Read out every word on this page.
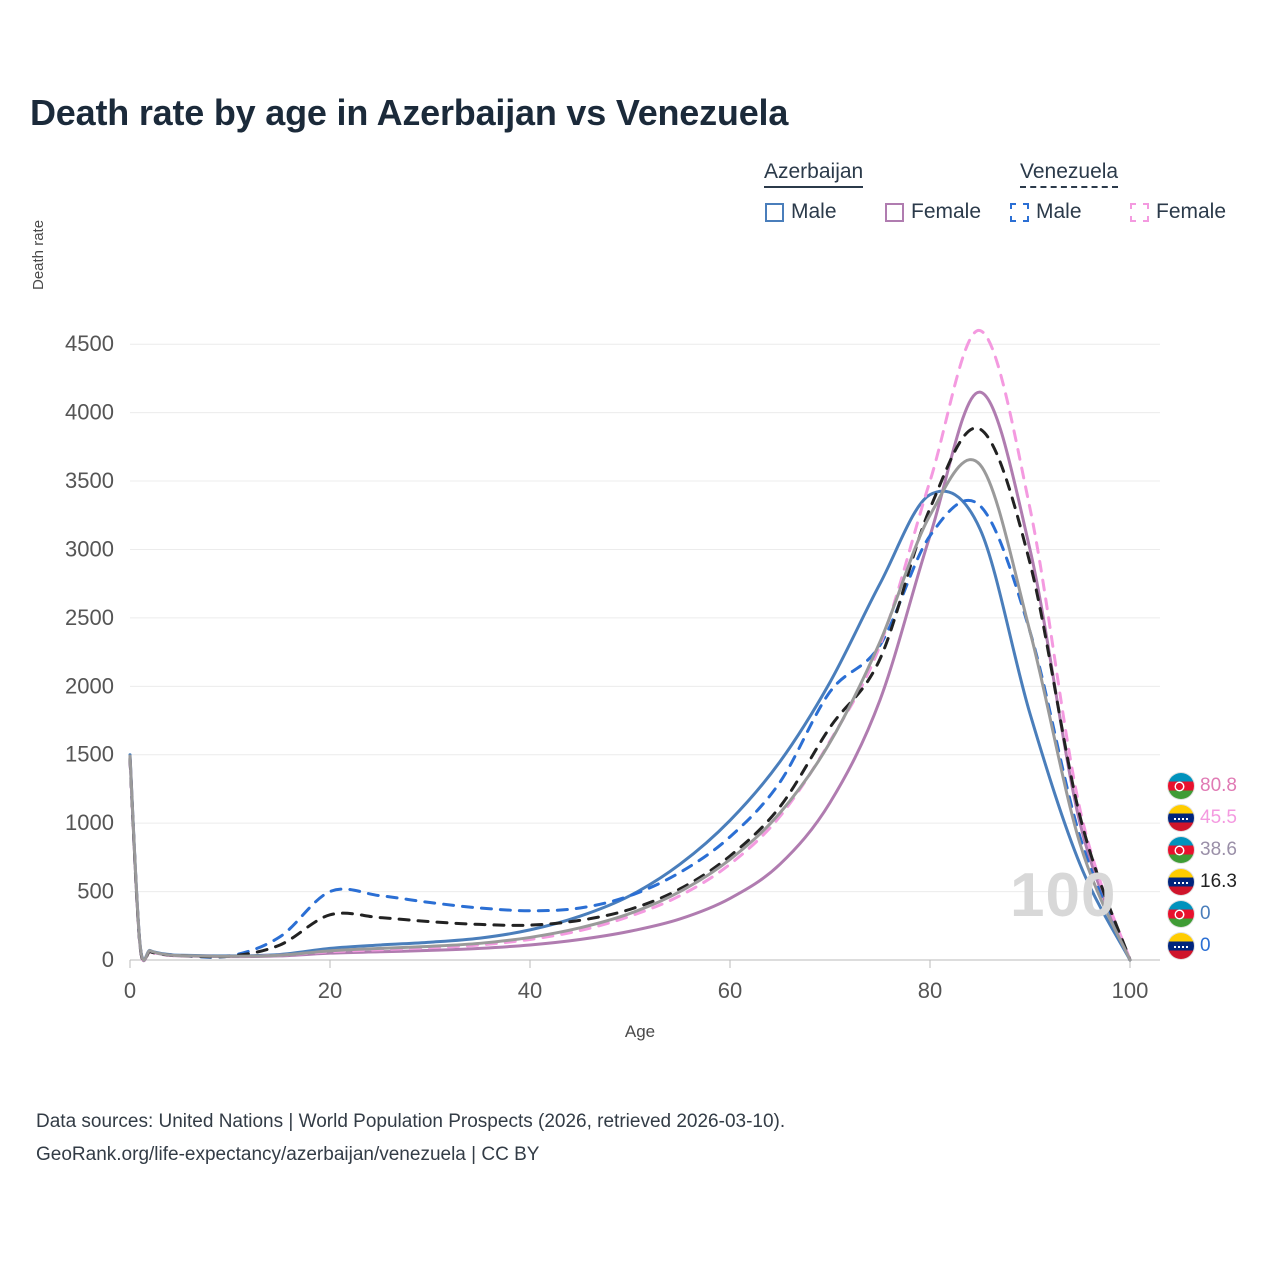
Death rate by age in Azerbaijan vs Venezuela
Azerbaijan	Venezuela
Male	Female	Male	Female
Death rate
Age
0
500
1000
1500
2000
2500
3000
3500
4000
4500
0	20	40	60	80	100
100
80.8
45.5
38.6
16.3
0
0
Data sources: United Nations | World Population Prospects (2026, retrieved 2026-03-10).
GeoRank.org/life-expectancy/azerbaijan/venezuela | CC BY
